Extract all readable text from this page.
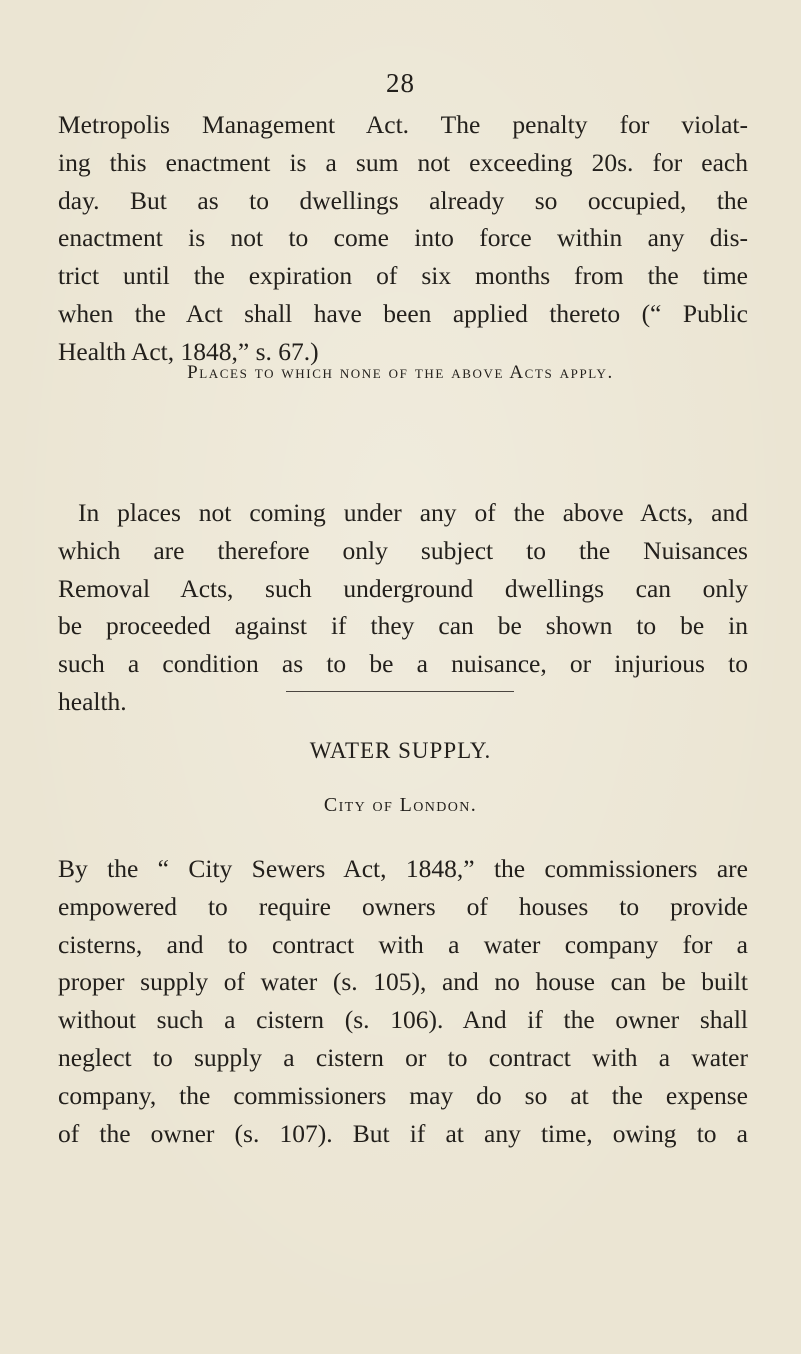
28
Metropolis Management Act. The penalty for violat-
ing this enactment is a sum not exceeding 20s. for each
day. But as to dwellings already so occupied, the
enactment is not to come into force within any dis-
trict until the expiration of six months from the time
when the Act shall have been applied thereto (“ Public
Health Act, 1848,” s. 67.)
Places to which none of the above Acts apply.
In places not coming under any of the above Acts, and
which are therefore only subject to the Nuisances
Removal Acts, such underground dwellings can only
be proceeded against if they can be shown to be in
such a condition as to be a nuisance, or injurious to
health.
WATER SUPPLY.
City of London.
By the “ City Sewers Act, 1848,” the commissioners are
empowered to require owners of houses to provide
cisterns, and to contract with a water company for a
proper supply of water (s. 105), and no house can be built
without such a cistern (s. 106). And if the owner shall
neglect to supply a cistern or to contract with a water
company, the commissioners may do so at the expense
of the owner (s. 107). But if at any time, owing to a
